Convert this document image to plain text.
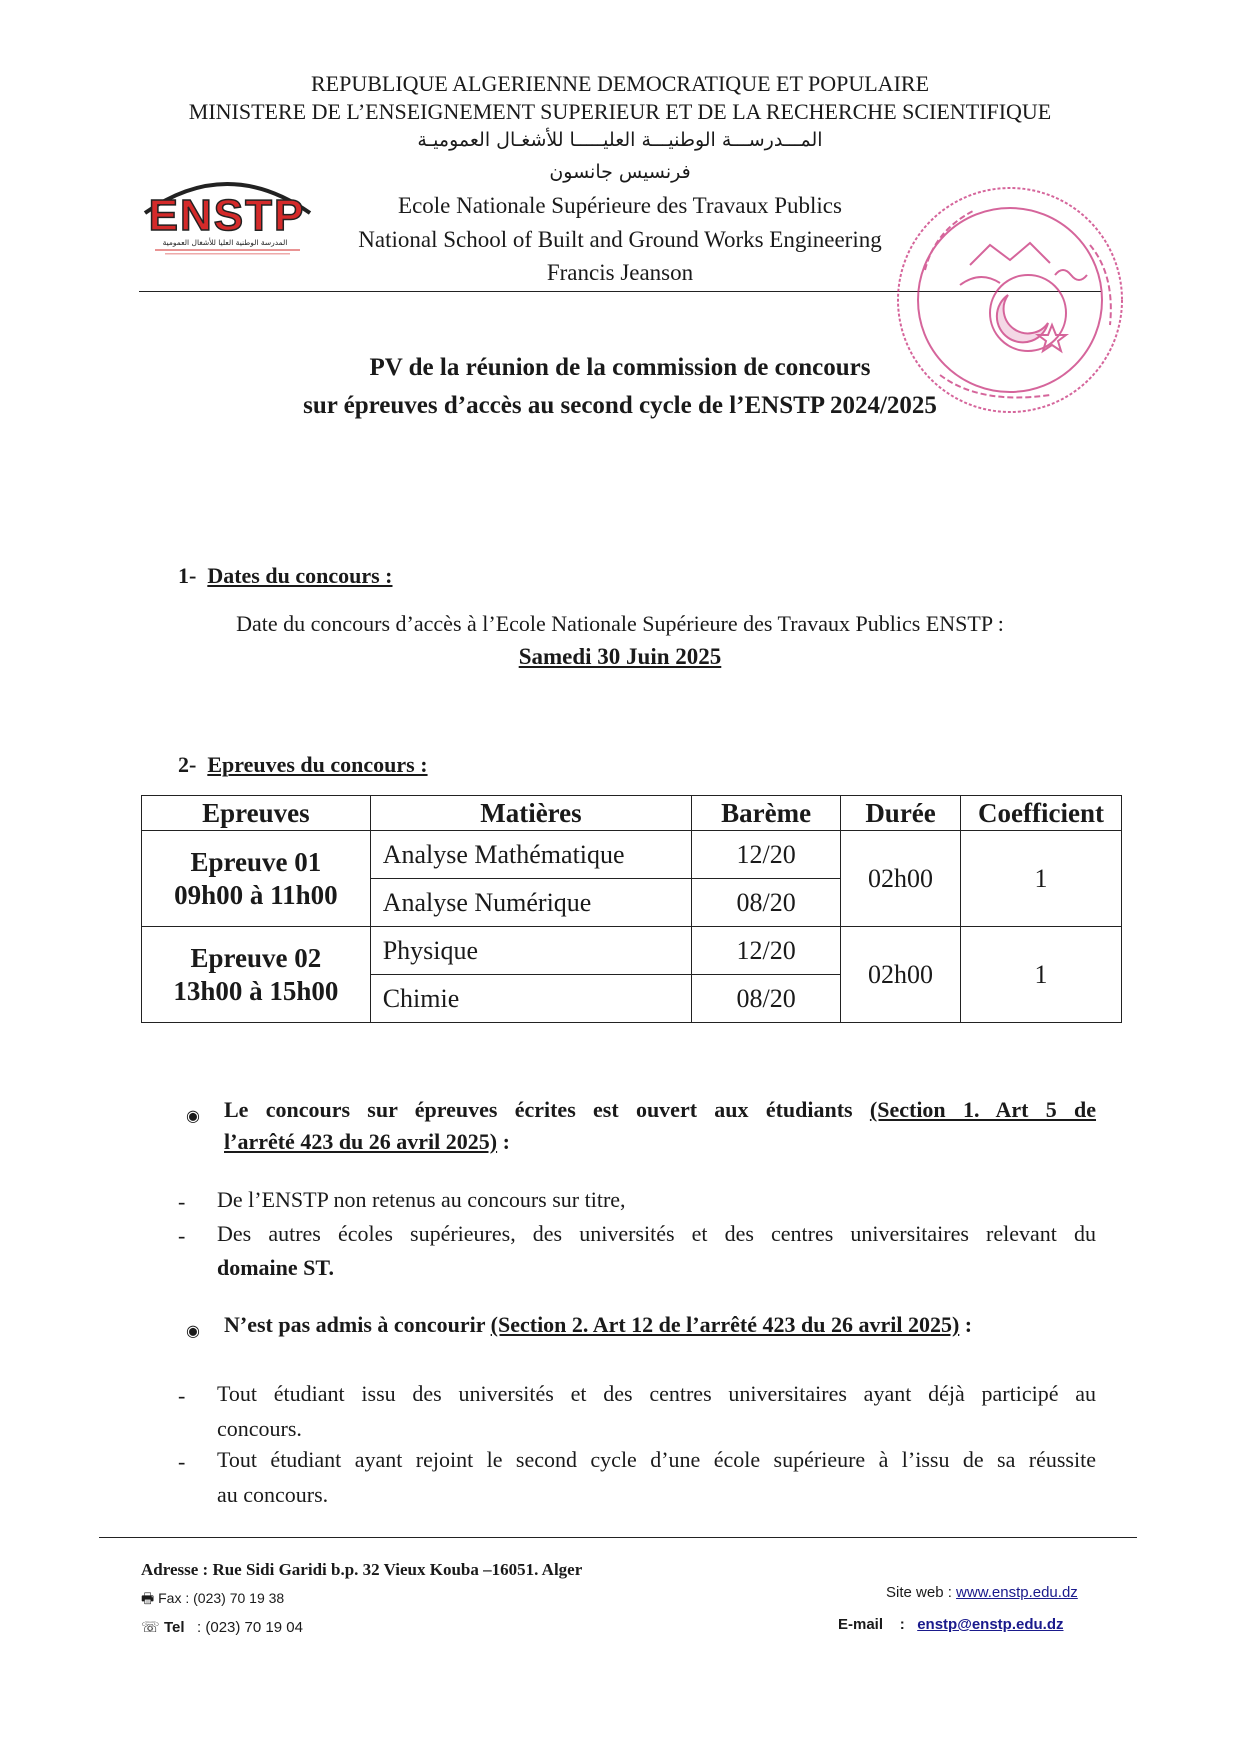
REPUBLIQUE ALGERIENNE DEMOCRATIQUE ET POPULAIRE
MINISTERE DE L’ENSEIGNEMENT SUPERIEUR ET DE LA RECHERCHE SCIENTIFIQUE
المـــدرســـة الوطنيـــة العليـــــا للأشغـال العموميـة
فرنسيس جانسون
Ecole Nationale Supérieure des Travaux Publics
National School of Built and Ground Works Engineering
Francis Jeanson
ENSTP
المدرسة الوطنية العليا للأشغال العمومية
PV de la réunion de la commission de concours
sur épreuves d’accès au second cycle de l’ENSTP 2024/2025
1- Dates du concours :
Date du concours d’accès à l’Ecole Nationale Supérieure des Travaux Publics ENSTP :
Samedi 30 Juin 2025
2- Epreuves du concours :
Epreuves	Matières	Barème	Durée	Coefficient

Epreuve 01
09h00 à 11h00	Analyse Mathématique	12/20	02h00	1
	Analyse Numérique	08/20		

Epreuve 02
13h00 à 15h00	Physique	12/20	02h00	1
	Chimie	08/20		
◉ Le concours sur épreuves écrites est ouvert aux étudiants (Section 1. Art 5 de
l’arrêté 423 du 26 avril 2025) :
- De l’ENSTP non retenus au concours sur titre,
- Des autres écoles supérieures, des universités et des centres universitaires relevant du
domaine ST.
◉ N’est pas admis à concourir (Section 2. Art 12 de l’arrêté 423 du 26 avril 2025) :
- Tout étudiant issu des universités et des centres universitaires ayant déjà participé au
concours.
- Tout étudiant ayant rejoint le second cycle d’une école supérieure à l’issu de sa réussite
au concours.
Adresse : Rue Sidi Garidi b.p. 32 Vieux Kouba –16051. Alger
🖶 Fax : (023) 70 19 38
☏ Tel : (023) 70 19 04
Site web : www.enstp.edu.dz
E-mail : enstp@enstp.edu.dz
